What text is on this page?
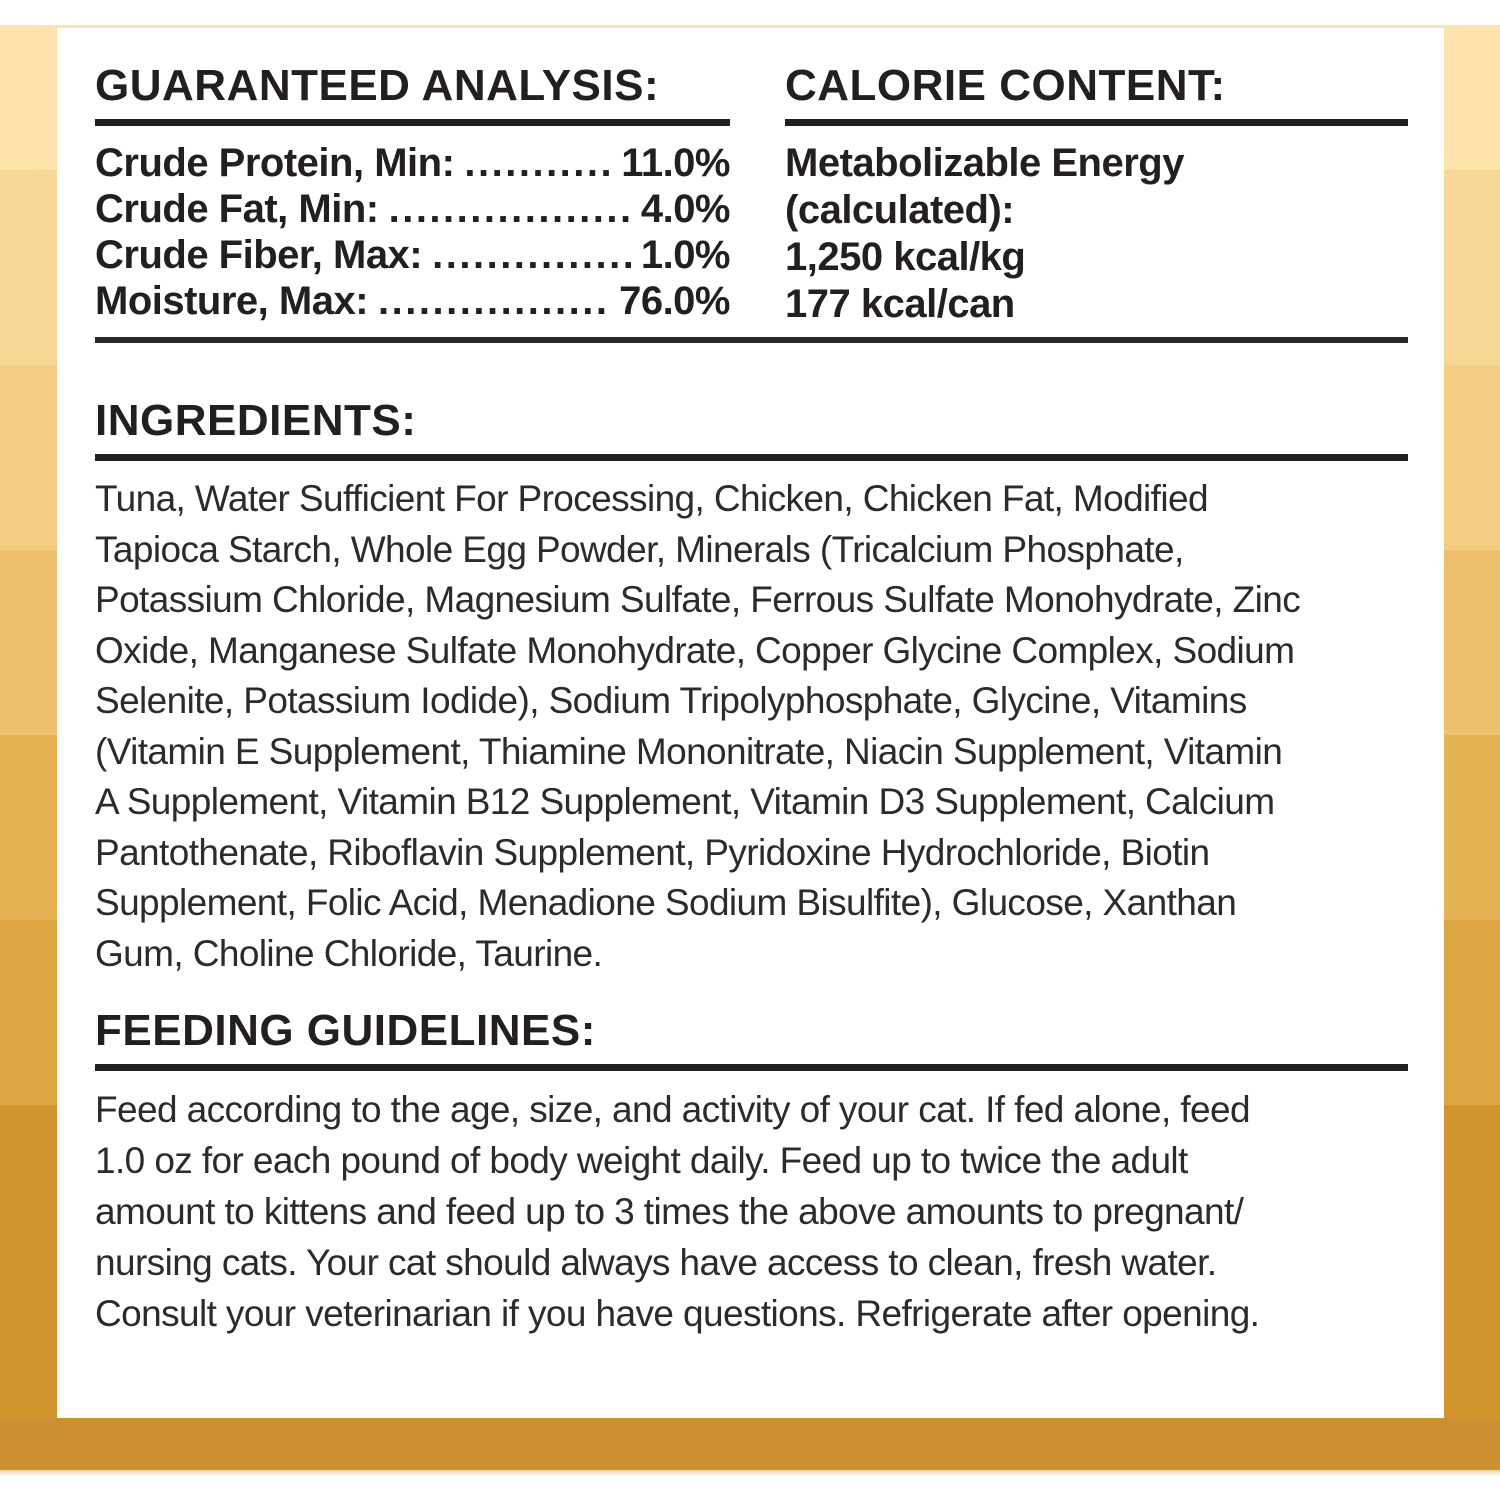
GUARANTEED ANALYSIS:
Crude Protein, Min: .....	11.0%
Crude Fat, Min: .....	4.0%
Crude Fiber, Max: .....	1.0%
Moisture, Max: .....	76.0%
CALORIE CONTENT:
Metabolizable Energy
(calculated):
1,250 kcal/kg
177 kcal/can
INGREDIENTS:
Tuna, Water Sufficient For Processing, Chicken, Chicken Fat, Modified
Tapioca Starch, Whole Egg Powder, Minerals (Tricalcium Phosphate,
Potassium Chloride, Magnesium Sulfate, Ferrous Sulfate Monohydrate, Zinc
Oxide, Manganese Sulfate Monohydrate, Copper Glycine Complex, Sodium
Selenite, Potassium Iodide), Sodium Tripolyphosphate, Glycine, Vitamins
(Vitamin E Supplement, Thiamine Mononitrate, Niacin Supplement, Vitamin
A Supplement, Vitamin B12 Supplement, Vitamin D3 Supplement, Calcium
Pantothenate, Riboflavin Supplement, Pyridoxine Hydrochloride, Biotin
Supplement, Folic Acid, Menadione Sodium Bisulfite), Glucose, Xanthan
Gum, Choline Chloride, Taurine.
FEEDING GUIDELINES:
Feed according to the age, size, and activity of your cat. If fed alone, feed
1.0 oz for each pound of body weight daily. Feed up to twice the adult
amount to kittens and feed up to 3 times the above amounts to pregnant/
nursing cats. Your cat should always have access to clean, fresh water.
Consult your veterinarian if you have questions. Refrigerate after opening.
